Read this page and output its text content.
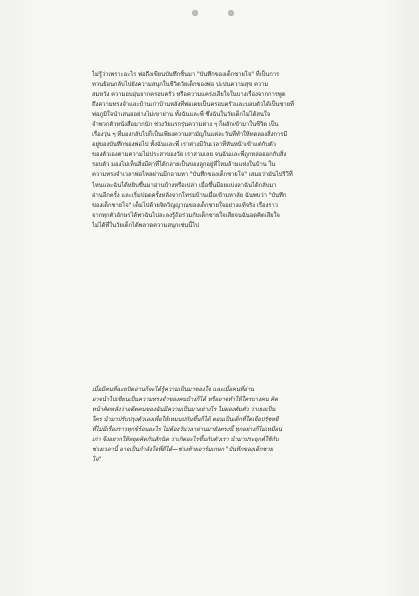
ไม่รู้ว่าเพราะอะไร พ่อถึงเขียนบันทึกชิ้นมา "บันทึกของเด็กชายโจ" ที่เป็นการ
ทวนย้อนกลับไปยังความสนุกในชีวิตวัยเด็กของพ่อ ปะปนความสุข ความ
สมหวัง ความอบอุ่นจากครอบครัว หรือความแคร่งเสียใจในบางเรื่องจากการพูด
ถึงความทรงจำและบ้านเก่าบ้านหลังที่พ่อเคยเป็นครอบครัวและบอบตัวได้เป็นชายที่
พ่อภูมิใจนำเสนออย่างไม่เขาย่าน ทั้งฉันและพี่ ซึ่งฉันในวัยเด็กไม่ได้สนใจ
จำพวกตัวหนังสือมากนัก ช่วงวัยแรกรุ่นความต่าง ๆ ก็ผลักเข้ามาในชีวิต เป็น
เรื่องวุ่น ๆ ที่มองกลับไปก็เป็นเพียงความสามัญในแต่ละวันที่ทำให้ทดลองสิ่งการมี
อยู่ของบันทึกของพ่อไป ทั้งฉันและพี่ เราต่างมีวันเวลาที่หันหน้าเข้าแต่กับตัว
ของตัวเองตามความไม่ประสาของวัย เราสามเลย จนฉันและพี่ถูกหล่อออกกับสิ่ง
รอบตัว มองไม่เห็นสิ่งมีค่าที่ได้กลายเป็นของลูกอยู่ที่โหมล้ามแห่งในบ้าน ใน
ความทรงจำเวลาพ่อไหลผ่านมีกอามหา "บันทึกของเด็กชายโจ" เสมอว่ามันไปริวีที่
ไหนและฉันได้หยิบขึ้นมาอ่านบ้างหรือเปล่า เมื่อขึ้นมีอยแบ่งลาฉันได้กลับมา
อ่านอีกครั้ง และเริ่มปอดครั้งหลังจากโทรมบ้านเมื่อเข้ามหาลัย ฉันพบว่า "บันทึก
ของเด็กชายโจ" เต็มไปด้วยจิตวิญญาณของเด็กชายใจอย่างแท้จริง เรื่องราว
จากทุกตัวอักษรได้พาฉันไปละลงรู้ถ้อร่วมกับเด็กชายใจเสียจนฉันอดคิดเสียใจ
ไม่ได้ที่ในวัยเด็กได้พลาดความสนุกเช่นนี้ไป
เมื่อมีคนที่ฉะยปิดอ่านก็จะได้รู้ความเป็นมาของใจ และเมื่อคนที่อ่าน
อาจนำไปเขียนเป็นความทรงจำของคนบ้างก็ได้ หรืออาจทำให้ใครบางคน คิด
หน้าคิดหลังว่าอดีตคนของฉันมีความเป็นมาอย่างไร ไม่ผองตัมตัว ว่าเธอเป็น
ใคร นำมาปรับปรุงตัวเองเพื่อให้เหมนปกันขึ้นก็ได้ ตอนเป็นเด็กที่ใดเจือปรัชหยี
ที่ไม่มีเรื่องราวทุกข์ร้อนอะไร ไม่ต้องวันวลาผ่านมายังตรงนี้ ทุกอย่างก็ไม่เหมือน
เก่า จึงอยากให้หยุดคิดกันสักนิด ว่าเกิดอะไรขึ้นกับตัวเรา นำมาประยุกต์ใช้กับ
ช่วงเวลานี้ อาจเป็นกำลังใจที่ดีได้—ช่วงท้ายอาร์มเกษก "บันทึกของเด็กชาย
โจ"
